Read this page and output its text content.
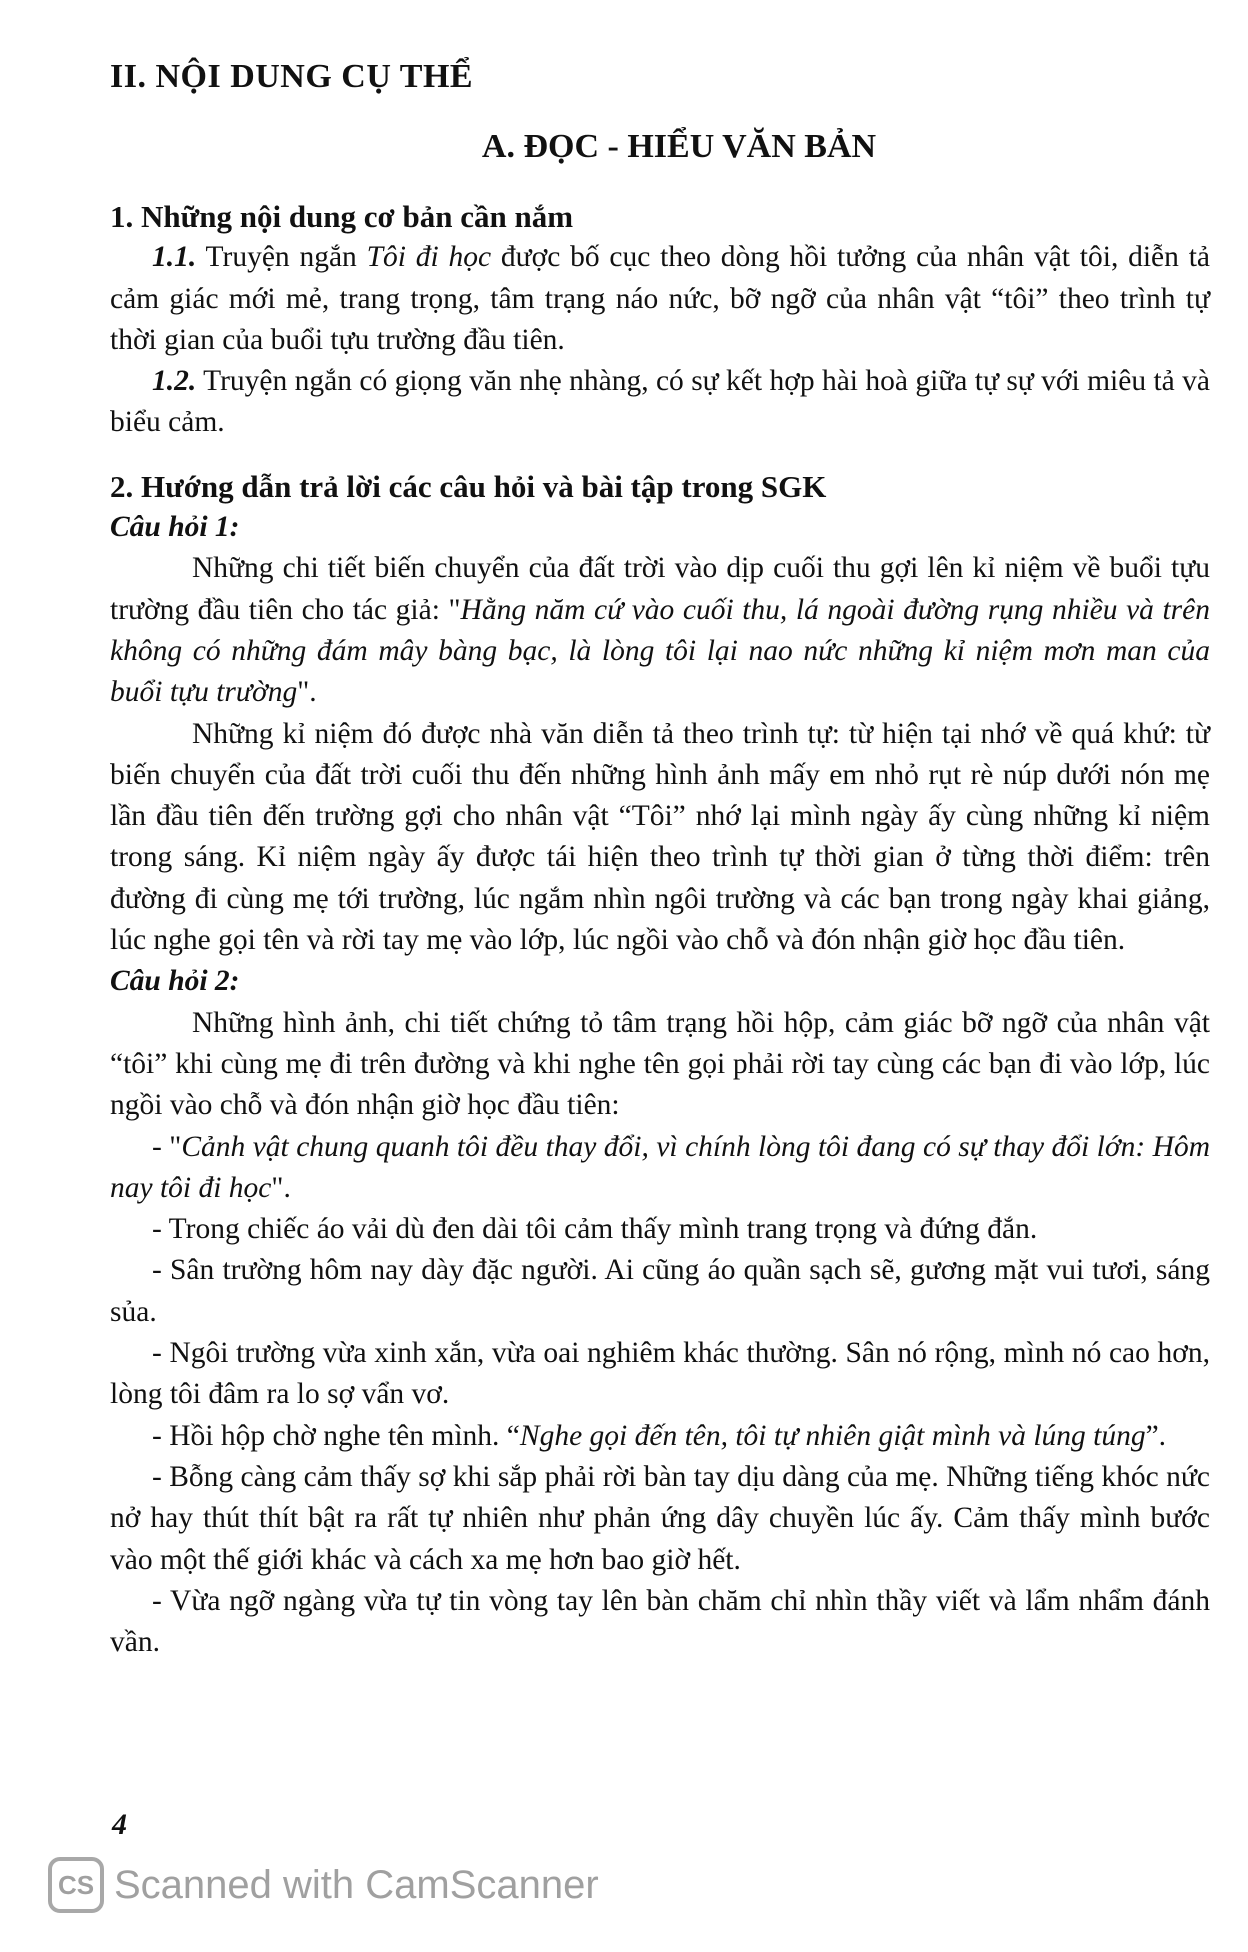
II. NỘI DUNG CỤ THỂ
A. ĐỌC - HIỂU VĂN BẢN

1. Những nội dung cơ bản cần nắm

1.1. Truyện ngắn Tôi đi học được bố cục theo dòng hồi tưởng của nhân vật tôi, diễn tả cảm giác mới mẻ, trang trọng, tâm trạng náo nức, bỡ ngỡ của nhân vật “tôi” theo trình tự thời gian của buổi tựu trường đầu tiên.

1.2. Truyện ngắn có giọng văn nhẹ nhàng, có sự kết hợp hài hoà giữa tự sự với miêu tả và biểu cảm.

2. Hướng dẫn trả lời các câu hỏi và bài tập trong SGK

Câu hỏi 1:

Những chi tiết biến chuyển của đất trời vào dịp cuối thu gợi lên kỉ niệm về buổi tựu trường đầu tiên cho tác giả: "Hằng năm cứ vào cuối thu, lá ngoài đường rụng nhiều và trên không có những đám mây bàng bạc, là lòng tôi lại nao nức những kỉ niệm mơn man của buổi tựu trường".

Những kỉ niệm đó được nhà văn diễn tả theo trình tự: từ hiện tại nhớ về quá khứ: từ biến chuyển của đất trời cuối thu đến những hình ảnh mấy em nhỏ rụt rè núp dưới nón mẹ lần đầu tiên đến trường gợi cho nhân vật “Tôi” nhớ lại mình ngày ấy cùng những kỉ niệm trong sáng. Kỉ niệm ngày ấy được tái hiện theo trình tự thời gian ở từng thời điểm: trên đường đi cùng mẹ tới trường, lúc ngắm nhìn ngôi trường và các bạn trong ngày khai giảng, lúc nghe gọi tên và rời tay mẹ vào lớp, lúc ngồi vào chỗ và đón nhận giờ học đầu tiên.

Câu hỏi 2:

Những hình ảnh, chi tiết chứng tỏ tâm trạng hồi hộp, cảm giác bỡ ngỡ của nhân vật “tôi” khi cùng mẹ đi trên đường và khi nghe tên gọi phải rời tay cùng các bạn đi vào lớp, lúc ngồi vào chỗ và đón nhận giờ học đầu tiên:

- "Cảnh vật chung quanh tôi đều thay đổi, vì chính lòng tôi đang có sự thay đổi lớn: Hôm nay tôi đi học".

- Trong chiếc áo vải dù đen dài tôi cảm thấy mình trang trọng và đứng đắn.

- Sân trường hôm nay dày đặc người. Ai cũng áo quần sạch sẽ, gương mặt vui tươi, sáng sủa.

- Ngôi trường vừa xinh xắn, vừa oai nghiêm khác thường. Sân nó rộng, mình nó cao hơn, lòng tôi đâm ra lo sợ vẩn vơ.

- Hồi hộp chờ nghe tên mình. “Nghe gọi đến tên, tôi tự nhiên giật mình và lúng túng”.

- Bỗng càng cảm thấy sợ khi sắp phải rời bàn tay dịu dàng của mẹ. Những tiếng khóc nức nở hay thút thít bật ra rất tự nhiên như phản ứng dây chuyền lúc ấy. Cảm thấy mình bước vào một thế giới khác và cách xa mẹ hơn bao giờ hết.

- Vừa ngỡ ngàng vừa tự tin vòng tay lên bàn chăm chỉ nhìn thầy viết và lẩm nhẩm đánh vần.

4
CS Scanned with CamScanner
